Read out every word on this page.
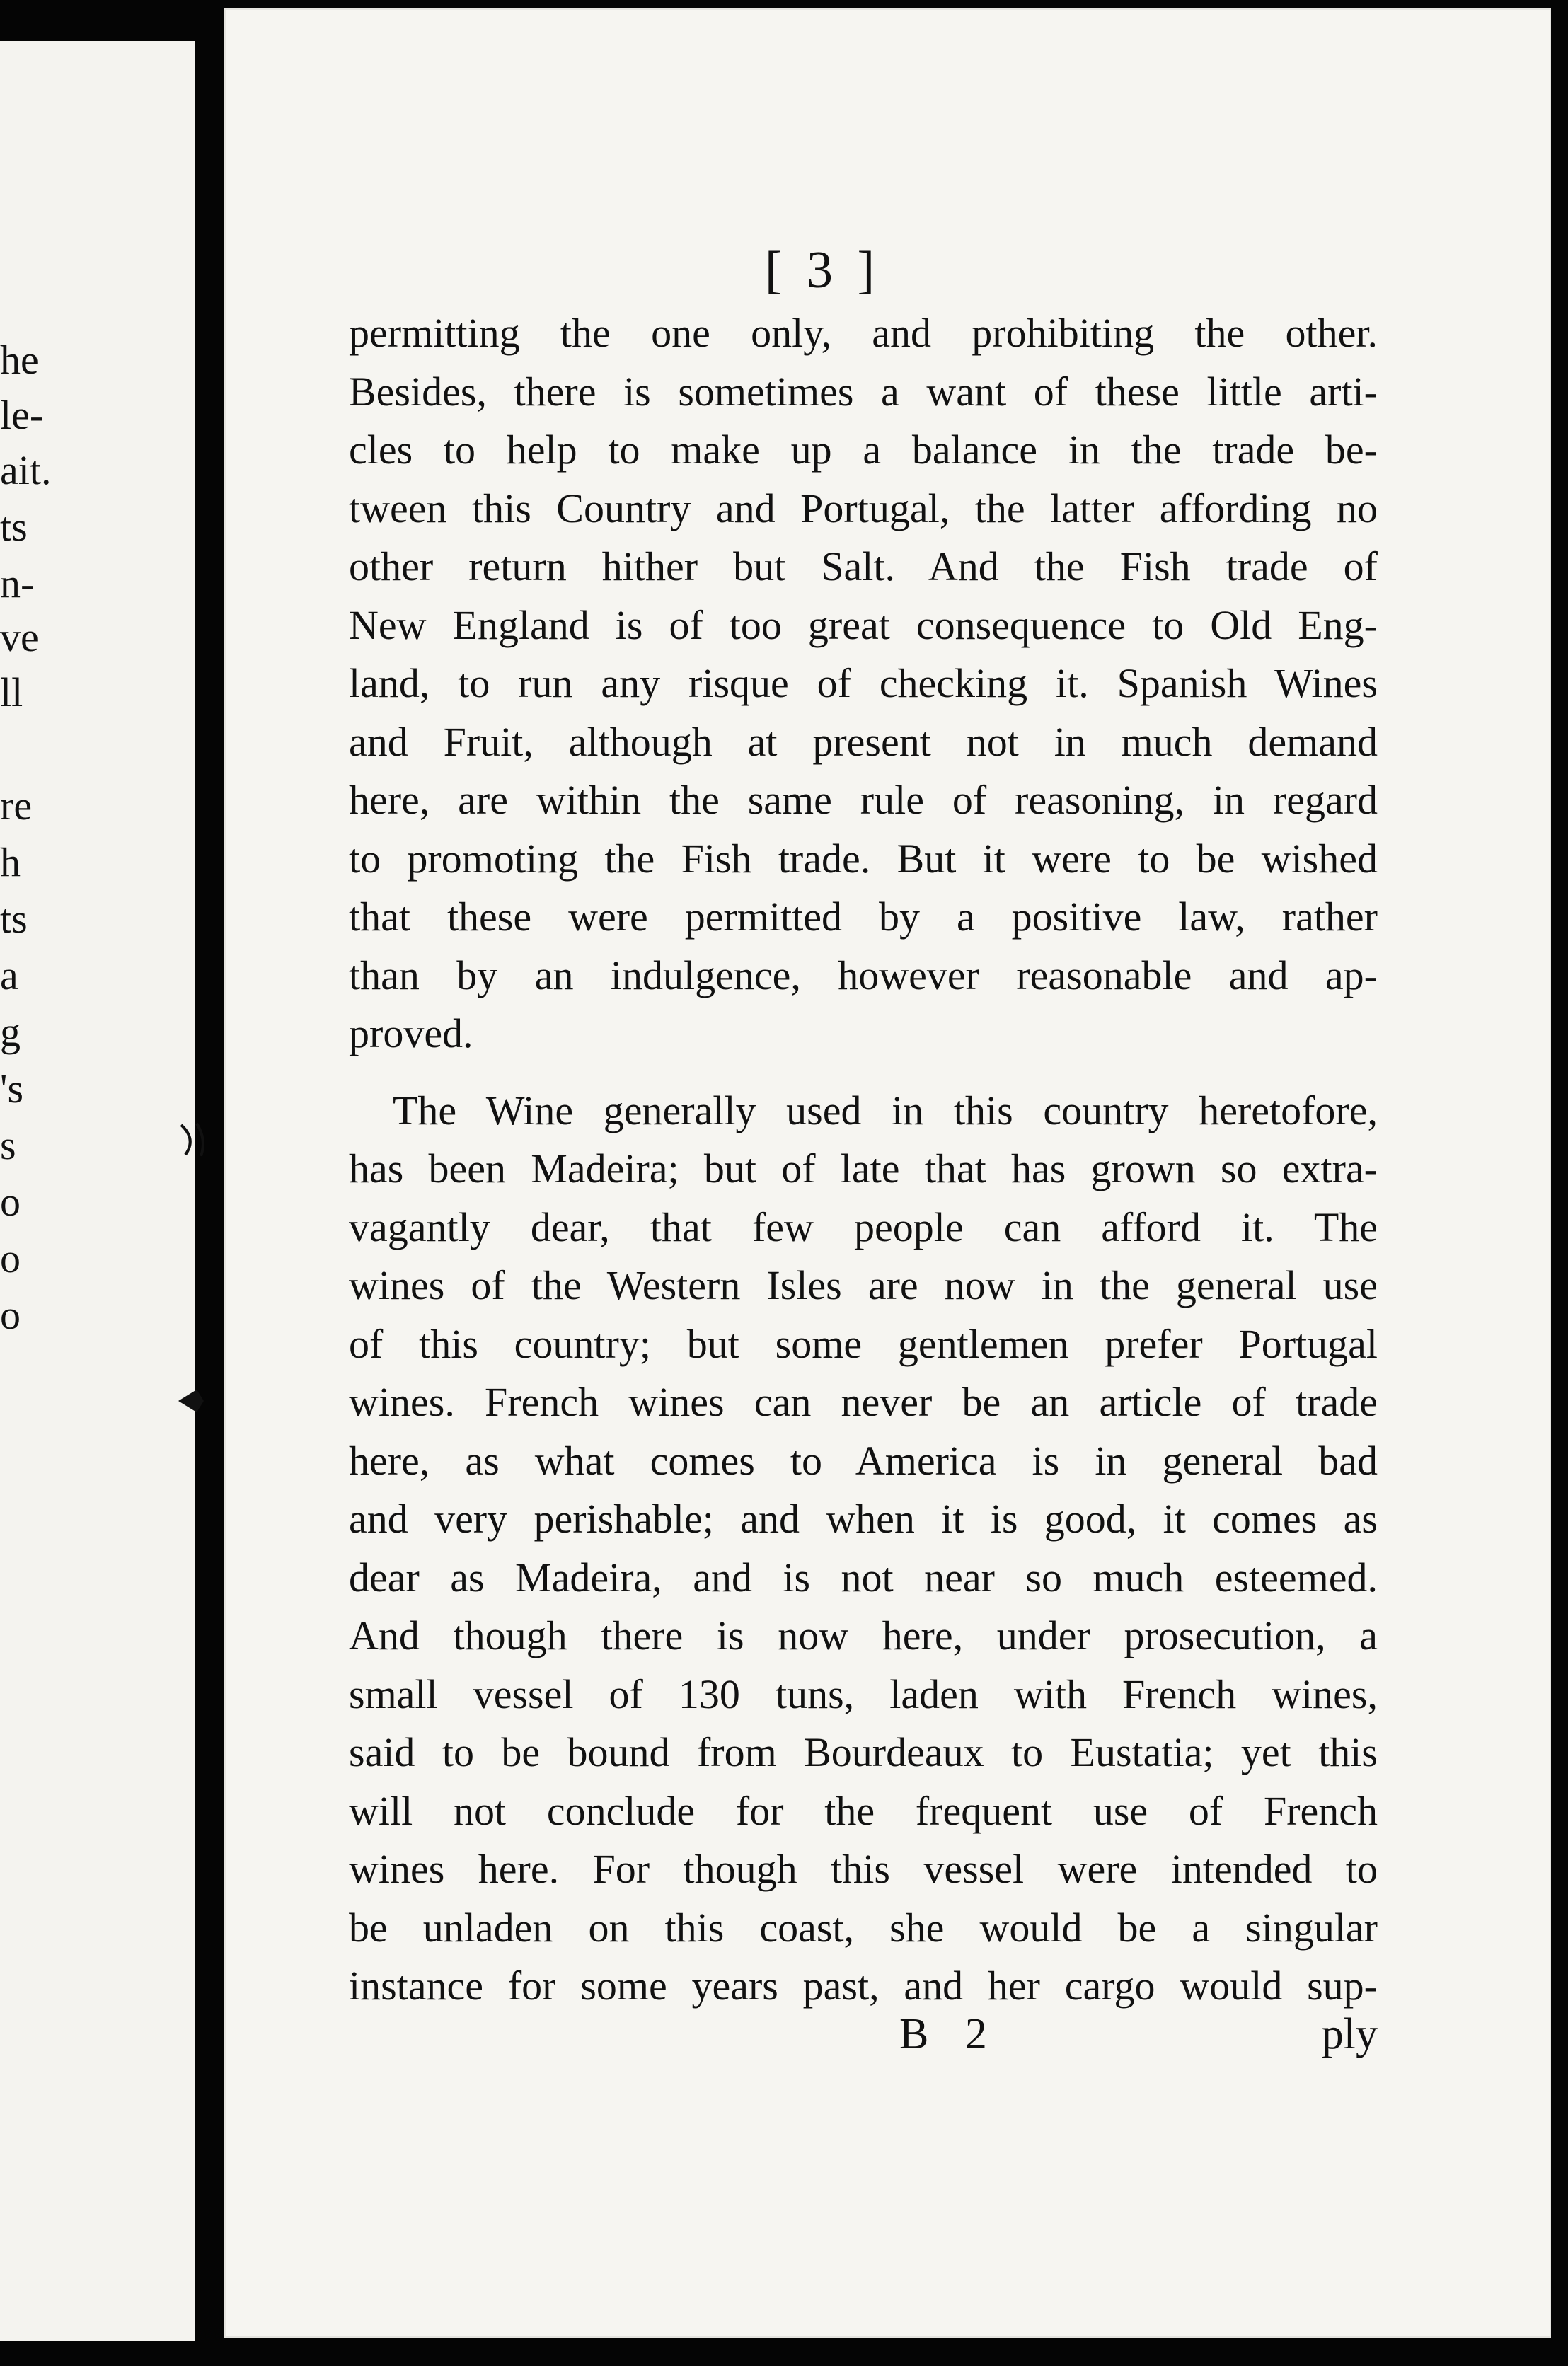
he
le-
ait.
ts
n-
ve
ll
re
h
ts
a
g
's
s
o
o
o
[ 3 ]
permitting the one only, and prohibiting the other.
Besides, there is sometimes a want of these little arti-
cles to help to make up a balance in the trade be-
tween this Country and Portugal, the latter affording no
other return hither but Salt. And the Fish trade of
New England is of too great consequence to Old Eng-
land, to run any risque of checking it. Spanish Wines
and Fruit, although at present not in much demand
here, are within the same rule of reasoning, in regard
to promoting the Fish trade. But it were to be wished
that these were permitted by a positive law, rather
than by an indulgence, however reasonable and ap-
proved.
The Wine generally used in this country heretofore,
has been Madeira; but of late that has grown so extra-
vagantly dear, that few people can afford it. The
wines of the Western Isles are now in the general use
of this country; but some gentlemen prefer Portugal
wines. French wines can never be an article of trade
here, as what comes to America is in general bad
and very perishable; and when it is good, it comes as
dear as Madeira, and is not near so much esteemed.
And though there is now here, under prosecution, a
small vessel of 130 tuns, laden with French wines,
said to be bound from Bourdeaux to Eustatia; yet this
will not conclude for the frequent use of French
wines here. For though this vessel were intended to
be unladen on this coast, she would be a singular
instance for some years past, and her cargo would sup-
B 2	ply
